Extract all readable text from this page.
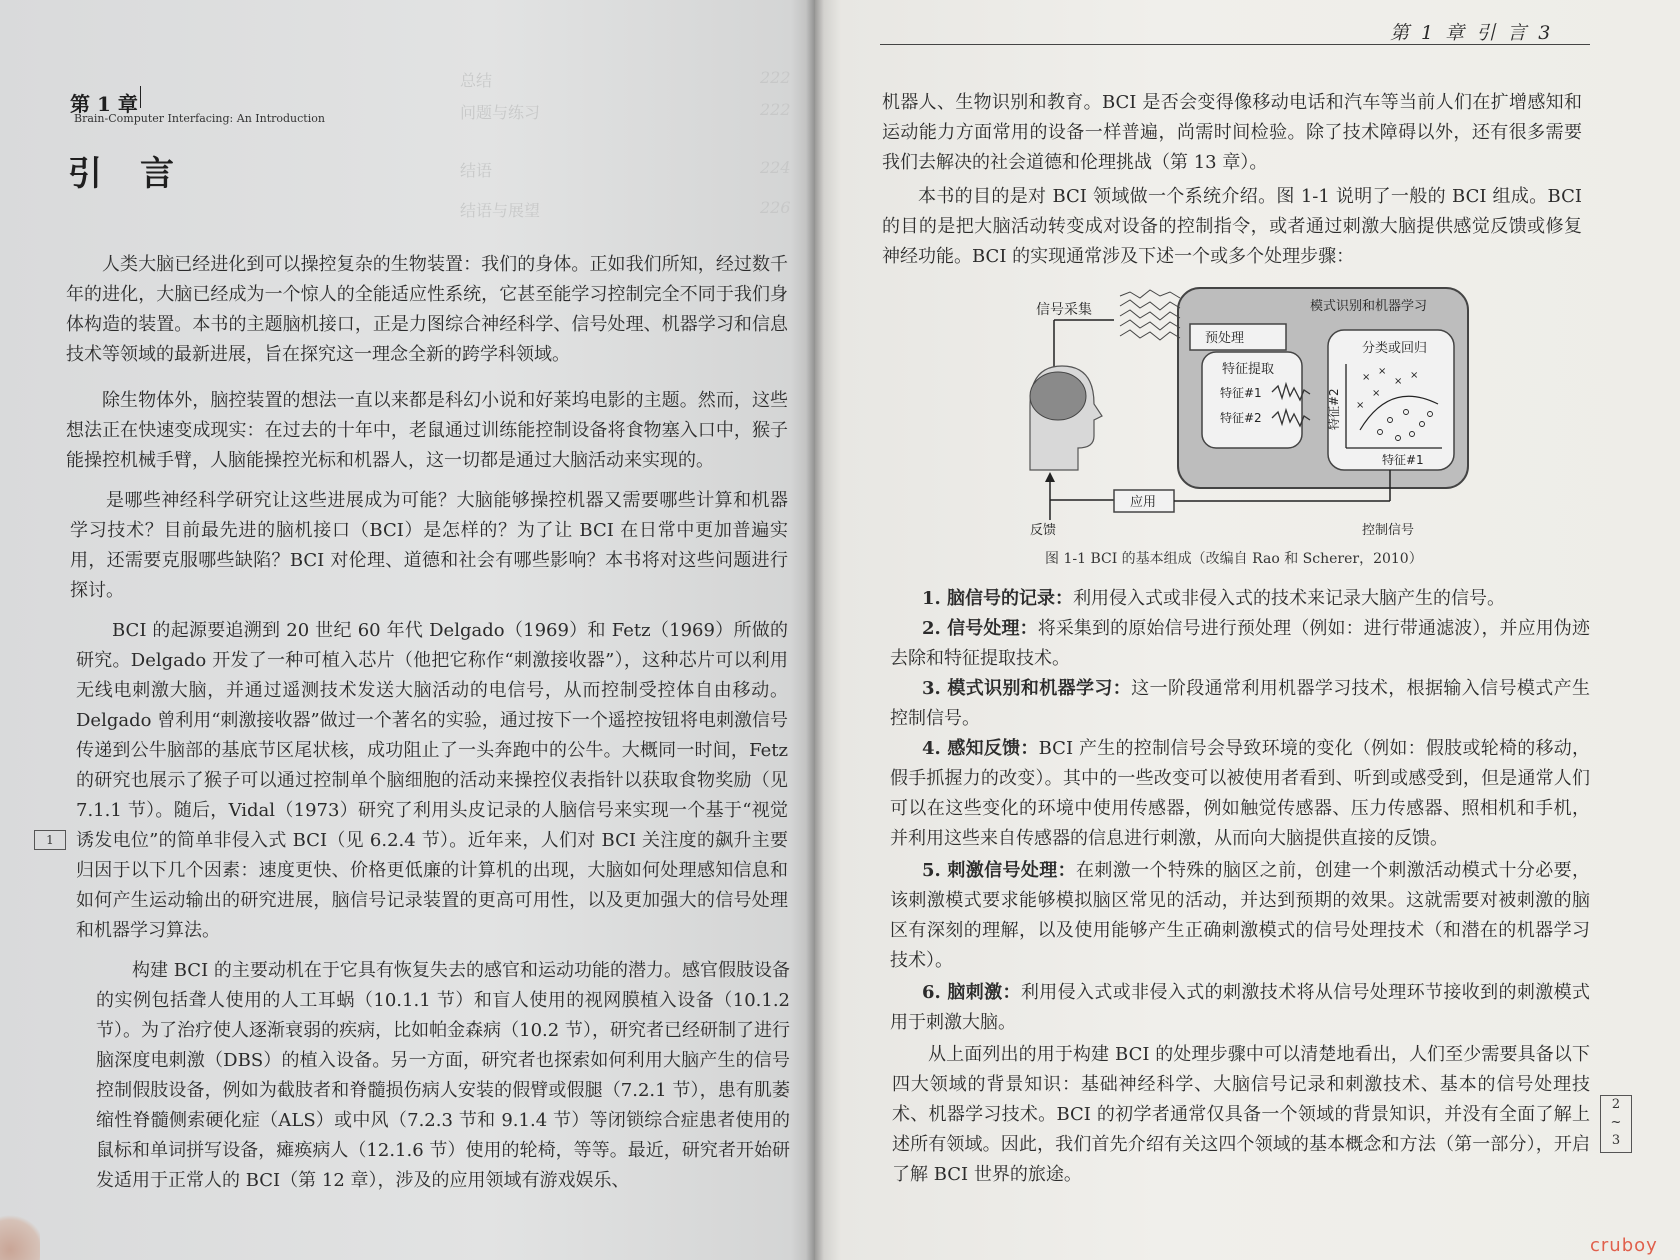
总结	222
问题与练习	222
结语	224
结语与展望	226
第 1 章
Brain-Computer Interfacing: An Introduction
引言

人类大脑已经进化到可以操控复杂的生物装置：我们的身体。正如我们所知，经过数千年的进化，大脑已经成为一个惊人的全能适应性系统，它甚至能学习控制完全不同于我们身体构造的装置。本书的主题脑机接口，正是力图综合神经科学、信号处理、机器学习和信息技术等领域的最新进展，旨在探究这一理念全新的跨学科领域。

除生物体外，脑控装置的想法一直以来都是科幻小说和好莱坞电影的主题。然而，这些想法正在快速变成现实：在过去的十年中，老鼠通过训练能控制设备将食物塞入口中，猴子能操控机械手臂，人脑能操控光标和机器人，这一切都是通过大脑活动来实现的。

是哪些神经科学研究让这些进展成为可能？大脑能够操控机器又需要哪些计算和机器学习技术？目前最先进的脑机接口（BCI）是怎样的？为了让 BCI 在日常中更加普遍实用，还需要克服哪些缺陷？BCI 对伦理、道德和社会有哪些影响？本书将对这些问题进行探讨。

BCI 的起源要追溯到 20 世纪 60 年代 Delgado（1969）和 Fetz（1969）所做的研究。Delgado 开发了一种可植入芯片（他把它称作“刺激接收器”），这种芯片可以利用无线电刺激大脑，并通过遥测技术发送大脑活动的电信号，从而控制受控体自由移动。Delgado 曾利用“刺激接收器”做过一个著名的实验，通过按下一个遥控按钮将电刺激信号传递到公牛脑部的基底节区尾状核，成功阻止了一头奔跑中的公牛。大概同一时间，Fetz 的研究也展示了猴子可以通过控制单个脑细胞的活动来操控仪表指针以获取食物奖励（见 7.1.1 节）。随后，Vidal（1973）研究了利用头皮记录的人脑信号来实现一个基于“视觉诱发电位”的简单非侵入式 BCI（见 6.2.4 节）。近年来，人们对 BCI 关注度的飙升主要归因于以下几个因素：速度更快、价格更低廉的计算机的出现，大脑如何处理感知信息和如何产生运动输出的研究进展，脑信号记录装置的更高可用性，以及更加强大的信号处理和机器学习算法。

构建 BCI 的主要动机在于它具有恢复失去的感官和运动功能的潜力。感官假肢设备的实例包括聋人使用的人工耳蜗（10.1.1 节）和盲人使用的视网膜植入设备（10.1.2 节）。为了治疗使人逐渐衰弱的疾病，比如帕金森病（10.2 节），研究者已经研制了进行脑深度电刺激（DBS）的植入设备。另一方面，研究者也探索如何利用大脑产生的信号控制假肢设备，例如为截肢者和脊髓损伤病人安装的假臂或假腿（7.2.1 节），患有肌萎缩性脊髓侧索硬化症（ALS）或中风（7.2.3 节和 9.1.4 节）等闭锁综合症患者使用的鼠标和单词拼写设备，瘫痪病人（12.1.6 节）使用的轮椅，等等。最近，研究者开始研发适用于正常人的 BCI（第 12 章），涉及的应用领域有游戏娱乐、

1
第 1 章 引 言 3

机器人、生物识别和教育。BCI 是否会变得像移动电话和汽车等当前人们在扩增感知和运动能力方面常用的设备一样普遍，尚需时间检验。除了技术障碍以外，还有很多需要我们去解决的社会道德和伦理挑战（第 13 章）。

本书的目的是对 BCI 领域做一个系统介绍。图 1-1 说明了一般的 BCI 组成。BCI 的目的是把大脑活动转变成对设备的控制指令，或者通过刺激大脑提供感觉反馈或修复神经功能。BCI 的实现通常涉及下述一个或多个处理步骤：

2
~
3
模式识别和机器学习
预处理
特征提取
特征#1
特征#2
分类或回归
特征#2
特征#1
×
×
×
×
×
×
信号采集
反馈
应用
控制信号
图 1-1 BCI 的基本组成（改编自 Rao 和 Scherer，2010）

1. 脑信号的记录：利用侵入式或非侵入式的技术来记录大脑产生的信号。

2. 信号处理：将采集到的原始信号进行预处理（例如：进行带通滤波），并应用伪迹去除和特征提取技术。

3. 模式识别和机器学习：这一阶段通常利用机器学习技术，根据输入信号模式产生控制信号。

4. 感知反馈：BCI 产生的控制信号会导致环境的变化（例如：假肢或轮椅的移动，假手抓握力的改变）。其中的一些改变可以被使用者看到、听到或感受到，但是通常人们可以在这些变化的环境中使用传感器，例如触觉传感器、压力传感器、照相机和手机，并利用这些来自传感器的信息进行刺激，从而向大脑提供直接的反馈。

5. 刺激信号处理：在刺激一个特殊的脑区之前，创建一个刺激活动模式十分必要，该刺激模式要求能够模拟脑区常见的活动，并达到预期的效果。这就需要对被刺激的脑区有深刻的理解，以及使用能够产生正确刺激模式的信号处理技术（和潜在的机器学习技术）。

6. 脑刺激：利用侵入式或非侵入式的刺激技术将从信号处理环节接收到的刺激模式用于刺激大脑。

从上面列出的用于构建 BCI 的处理步骤中可以清楚地看出，人们至少需要具备以下四大领域的背景知识：基础神经科学、大脑信号记录和刺激技术、基本的信号处理技术、机器学习技术。BCI 的初学者通常仅具备一个领域的背景知识，并没有全面了解上述所有领域。因此，我们首先介绍有关这四个领域的基本概念和方法（第一部分），开启了解 BCI 世界的旅途。

cruboy
